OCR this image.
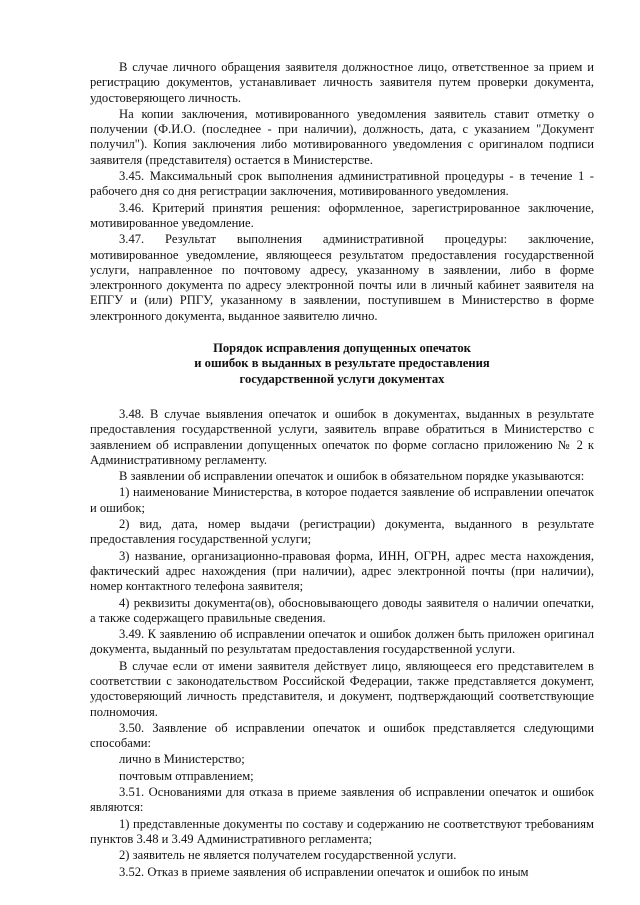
В случае личного обращения заявителя должностное лицо, ответственное за прием и регистрацию документов, устанавливает личность заявителя путем проверки документа, удостоверяющего личность.

На копии заключения, мотивированного уведомления заявитель ставит отметку о получении (Ф.И.О. (последнее - при наличии), должность, дата, с указанием "Документ получил"). Копия заключения либо мотивированного уведомления с оригиналом подписи заявителя (представителя) остается в Министерстве.

3.45. Максимальный срок выполнения административной процедуры - в течение 1 - рабочего дня со дня регистрации заключения, мотивированного уведомления.

3.46. Критерий принятия решения: оформленное, зарегистрированное заключение, мотивированное уведомление.

3.47. Результат выполнения административной процедуры: заключение, мотивированное уведомление, являющееся результатом предоставления государственной услуги, направленное по почтовому адресу, указанному в заявлении, либо в форме электронного документа по адресу электронной почты или в личный кабинет заявителя на ЕПГУ и (или) РПГУ, указанному в заявлении, поступившем в Министерство в форме электронного документа, выданное заявителю лично.

Порядок исправления допущенных опечаток
и ошибок в выданных в результате предоставления
государственной услуги документах

3.48. В случае выявления опечаток и ошибок в документах, выданных в результате предоставления государственной услуги, заявитель вправе обратиться в Министерство с заявлением об исправлении допущенных опечаток по форме согласно приложению № 2 к Административному регламенту.

В заявлении об исправлении опечаток и ошибок в обязательном порядке указываются:

1) наименование Министерства, в которое подается заявление об исправлении опечаток и ошибок;

2) вид, дата, номер выдачи (регистрации) документа, выданного в результате предоставления государственной услуги;

3) название, организационно-правовая форма, ИНН, ОГРН, адрес места нахождения, фактический адрес нахождения (при наличии), адрес электронной почты (при наличии), номер контактного телефона заявителя;

4) реквизиты документа(ов), обосновывающего доводы заявителя о наличии опечатки, а также содержащего правильные сведения.

3.49. К заявлению об исправлении опечаток и ошибок должен быть приложен оригинал документа, выданный по результатам предоставления государственной услуги.

В случае если от имени заявителя действует лицо, являющееся его представителем в соответствии с законодательством Российской Федерации, также представляется документ, удостоверяющий личность представителя, и документ, подтверждающий соответствующие полномочия.

3.50. Заявление об исправлении опечаток и ошибок представляется следующими способами:

лично в Министерство;

почтовым отправлением;

3.51. Основаниями для отказа в приеме заявления об исправлении опечаток и ошибок являются:

1) представленные документы по составу и содержанию не соответствуют требованиям пунктов 3.48 и 3.49 Административного регламента;

2) заявитель не является получателем государственной услуги.

3.52. Отказ в приеме заявления об исправлении опечаток и ошибок по иным
